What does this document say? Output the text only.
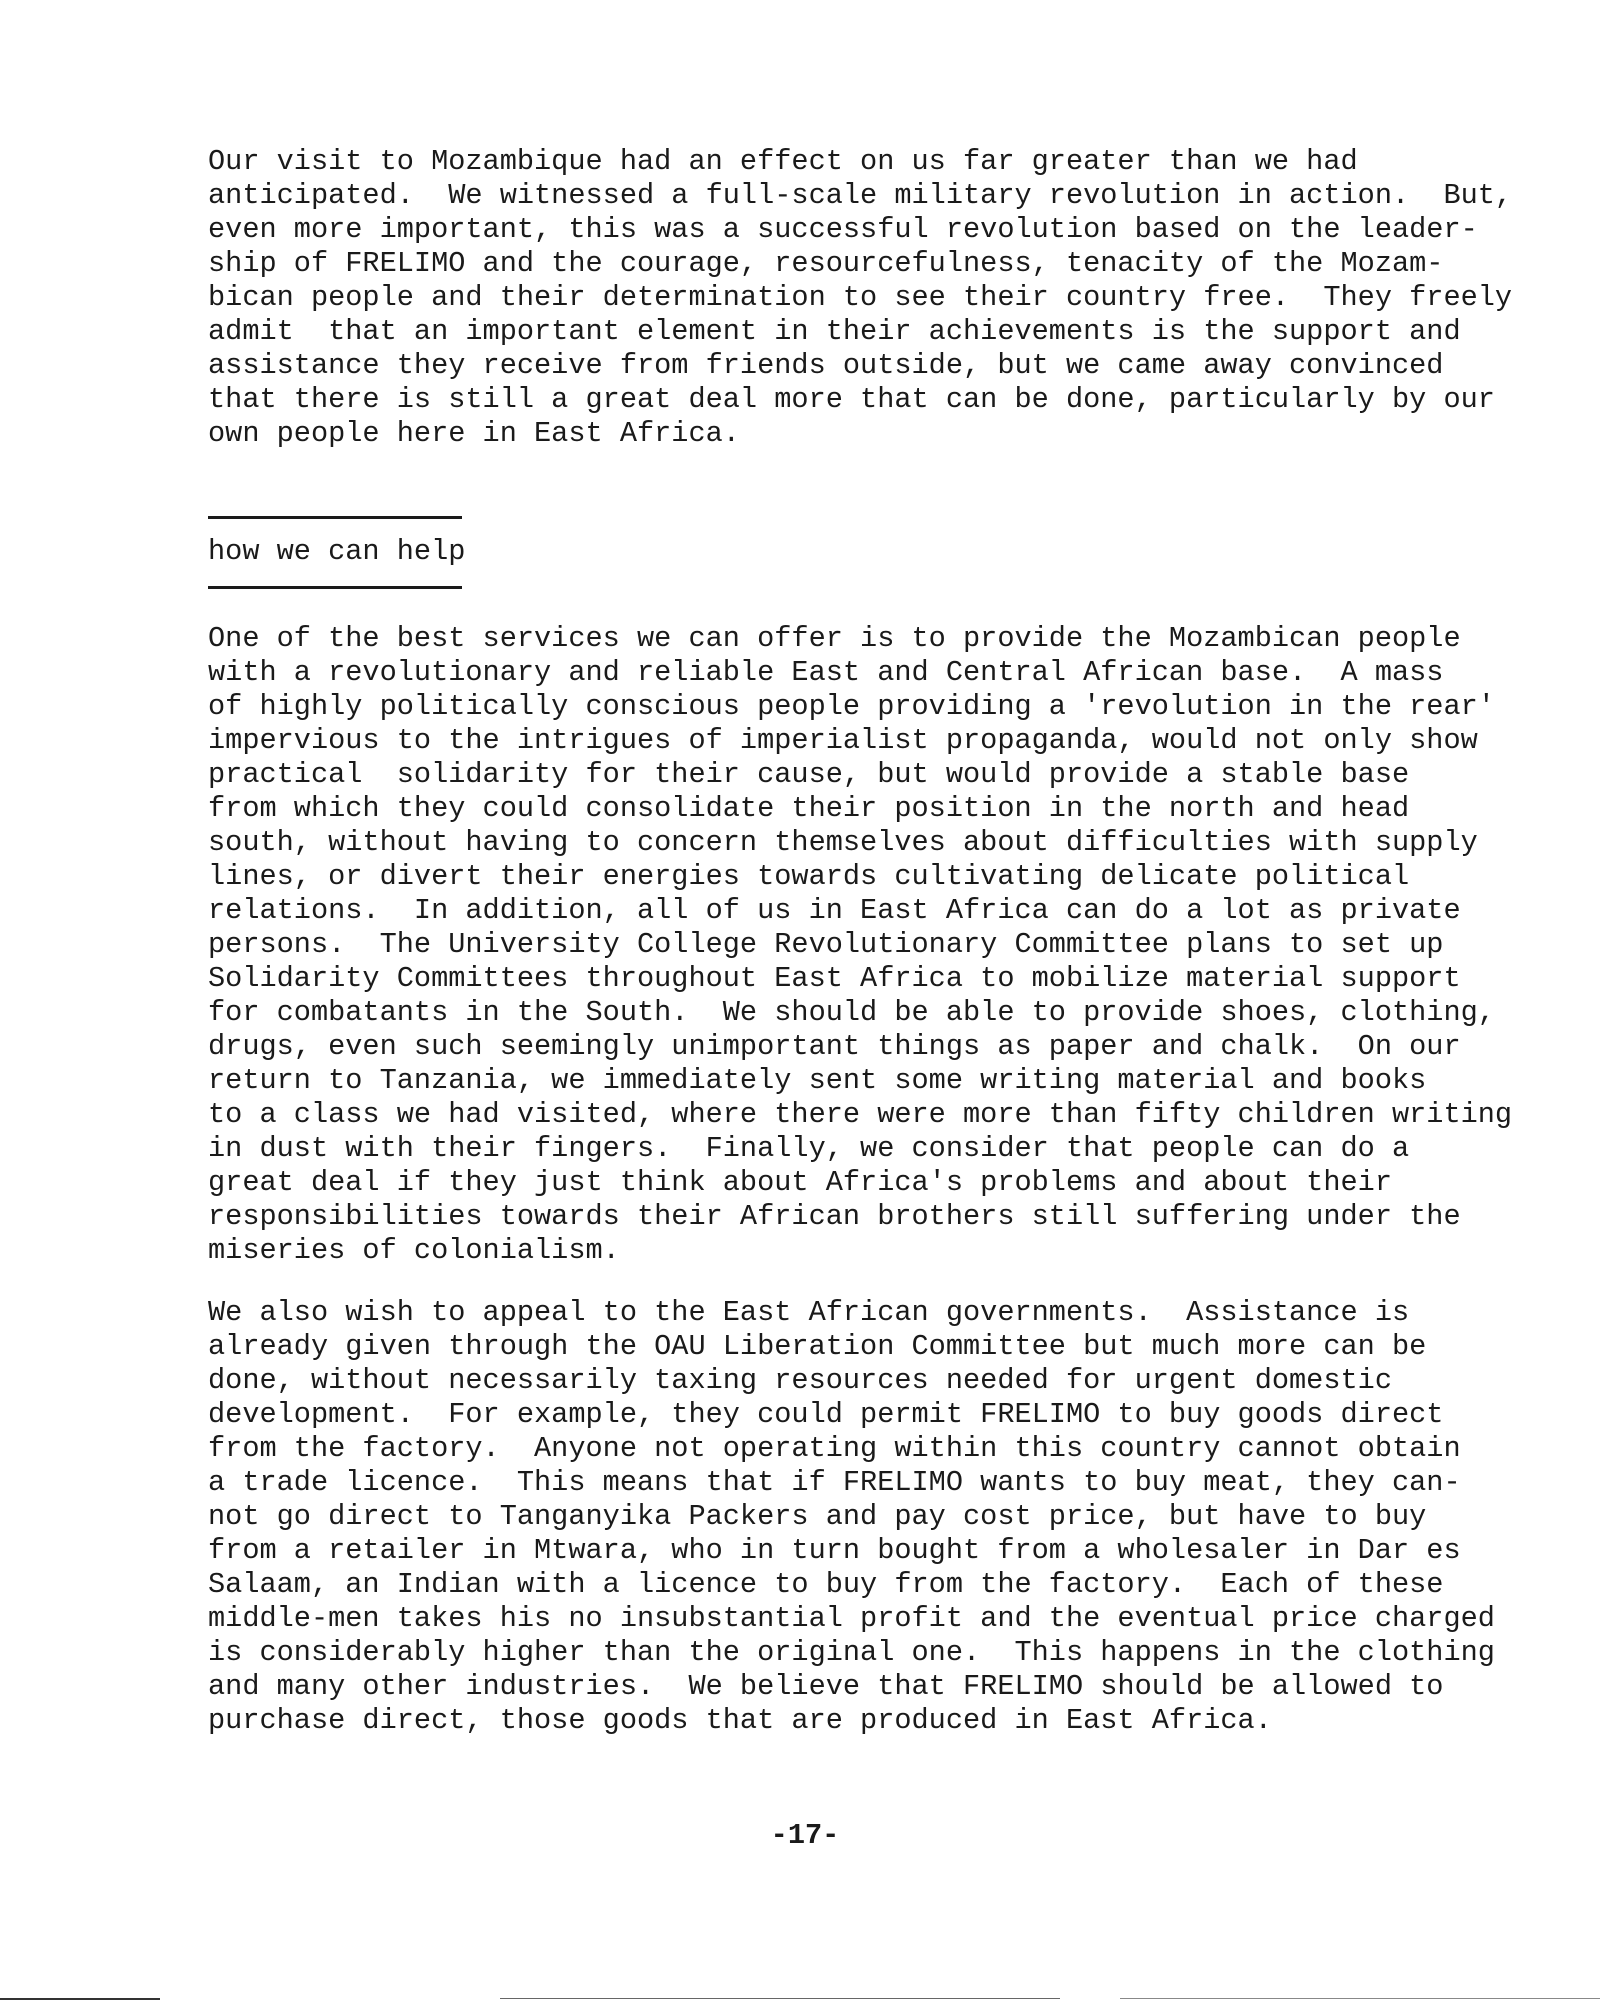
Our visit to Mozambique had an effect on us far greater than we had
anticipated.  We witnessed a full-scale military revolution in action.  But,
even more important, this was a successful revolution based on the leader-
ship of FRELIMO and the courage, resourcefulness, tenacity of the Mozam-
bican people and their determination to see their country free.  They freely
admit  that an important element in their achievements is the support and
assistance they receive from friends outside, but we came away convinced
that there is still a great deal more that can be done, particularly by our
own people here in East Africa.
how we can help
One of the best services we can offer is to provide the Mozambican people
with a revolutionary and reliable East and Central African base.  A mass
of highly politically conscious people providing a 'revolution in the rear'
impervious to the intrigues of imperialist propaganda, would not only show
practical  solidarity for their cause, but would provide a stable base
from which they could consolidate their position in the north and head
south, without having to concern themselves about difficulties with supply
lines, or divert their energies towards cultivating delicate political
relations.  In addition, all of us in East Africa can do a lot as private
persons.  The University College Revolutionary Committee plans to set up
Solidarity Committees throughout East Africa to mobilize material support
for combatants in the South.  We should be able to provide shoes, clothing,
drugs, even such seemingly unimportant things as paper and chalk.  On our
return to Tanzania, we immediately sent some writing material and books
to a class we had visited, where there were more than fifty children writing
in dust with their fingers.  Finally, we consider that people can do a
great deal if they just think about Africa's problems and about their
responsibilities towards their African brothers still suffering under the
miseries of colonialism.
We also wish to appeal to the East African governments.  Assistance is
already given through the OAU Liberation Committee but much more can be
done, without necessarily taxing resources needed for urgent domestic
development.  For example, they could permit FRELIMO to buy goods direct
from the factory.  Anyone not operating within this country cannot obtain
a trade licence.  This means that if FRELIMO wants to buy meat, they can-
not go direct to Tanganyika Packers and pay cost price, but have to buy
from a retailer in Mtwara, who in turn bought from a wholesaler in Dar es
Salaam, an Indian with a licence to buy from the factory.  Each of these
middle-men takes his no insubstantial profit and the eventual price charged
is considerably higher than the original one.  This happens in the clothing
and many other industries.  We believe that FRELIMO should be allowed to
purchase direct, those goods that are produced in East Africa.
-17-
